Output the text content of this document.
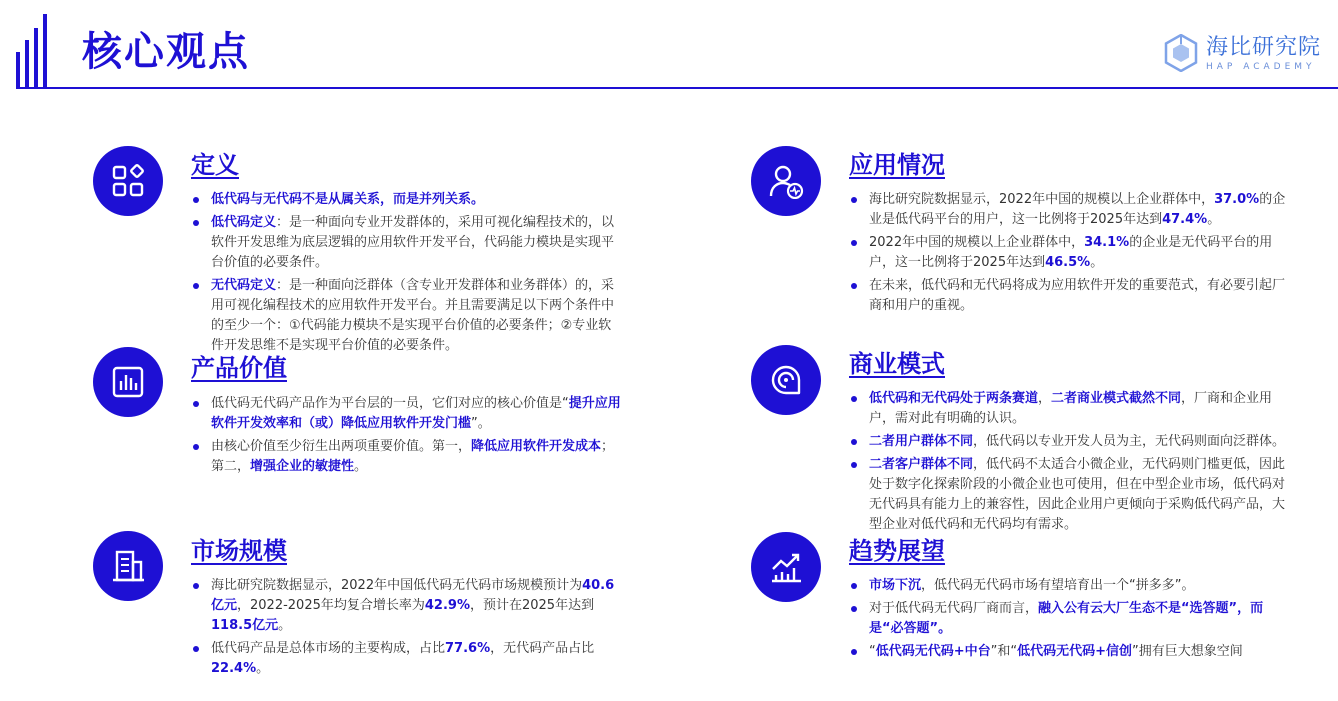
核心观点	海比研究院
HAP ACADEMY
定义
低代码与无代码不是从属关系，而是并列关系。
低代码定义：是一种面向专业开发群体的，采用可视化编程技术的，以软件开发思维为底层逻辑的应用软件开发平台，代码能力模块是实现平台价值的必要条件。
无代码定义：是一种面向泛群体（含专业开发群体和业务群体）的，采用可视化编程技术的应用软件开发平台。并且需要满足以下两个条件中的至少一个：①代码能力模块不是实现平台价值的必要条件；②专业软件开发思维不是实现平台价值的必要条件。
产品价值
低代码无代码产品作为平台层的一员，它们对应的核心价值是“提升应用软件开发效率和（或）降低应用软件开发门槛”。
由核心价值至少衍生出两项重要价值。第一，降低应用软件开发成本；第二，增强企业的敏捷性。
市场规模
海比研究院数据显示，2022年中国低代码无代码市场规模预计为40.6亿元，2022-2025年均复合增长率为42.9%，预计在2025年达到118.5亿元。
低代码产品是总体市场的主要构成，占比77.6%，无代码产品占比22.4%。
应用情况
海比研究院数据显示，2022年中国的规模以上企业群体中，37.0%的企业是低代码平台的用户，这一比例将于2025年达到47.4%。
2022年中国的规模以上企业群体中，34.1%的企业是无代码平台的用户，这一比例将于2025年达到46.5%。
在未来，低代码和无代码将成为应用软件开发的重要范式，有必要引起厂商和用户的重视。
商业模式
低代码和无代码处于两条赛道，二者商业模式截然不同，厂商和企业用户，需对此有明确的认识。
二者用户群体不同，低代码以专业开发人员为主，无代码则面向泛群体。
二者客户群体不同，低代码不太适合小微企业，无代码则门槛更低，因此处于数字化探索阶段的小微企业也可使用，但在中型企业市场，低代码对无代码具有能力上的兼容性，因此企业用户更倾向于采购低代码产品，大型企业对低代码和无代码均有需求。
趋势展望
市场下沉，低代码无代码市场有望培育出一个“拼多多”。
对于低代码无代码厂商而言，融入公有云大厂生态不是“选答题”，而是“必答题”。
“低代码无代码+中台”和“低代码无代码+信创”拥有巨大想象空间
